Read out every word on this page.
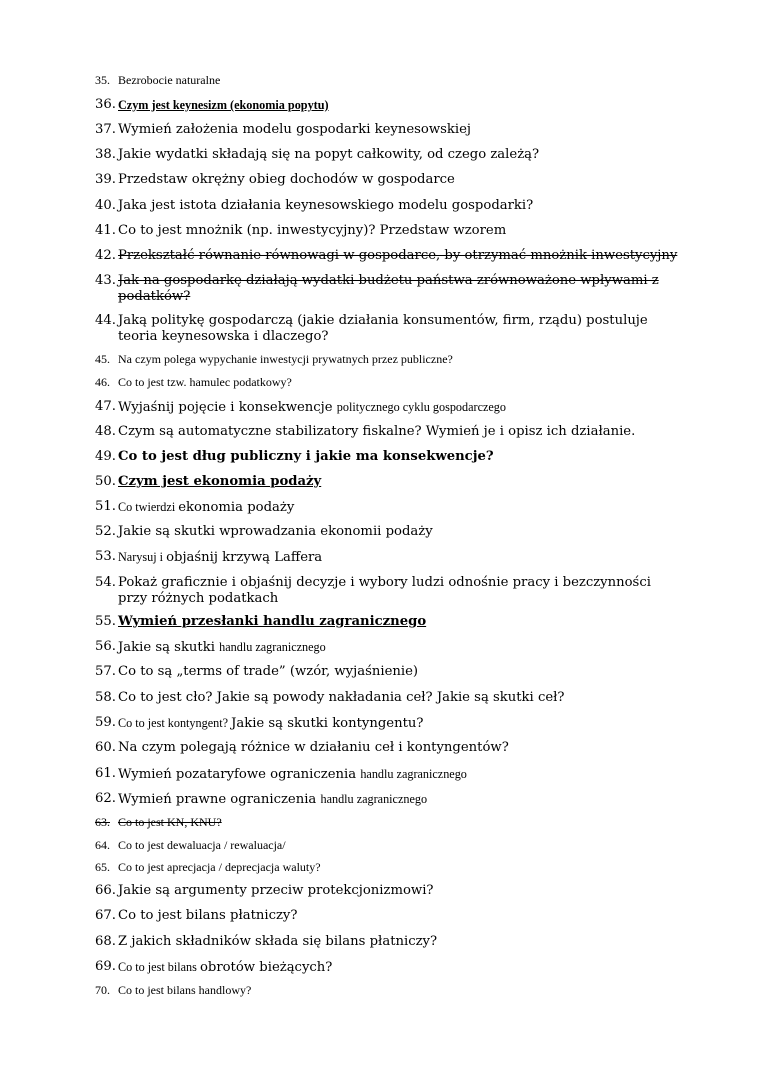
35. Bezrobocie naturalne
36. Czym jest keynesizm (ekonomia popytu)
37. Wymień założenia modelu gospodarki keynesowskiej
38. Jakie wydatki składają się na popyt całkowity, od czego zależą?
39. Przedstaw okrężny obieg dochodów w gospodarce
40. Jaka jest istota działania keynesowskiego modelu gospodarki?
41. Co to jest mnożnik (np. inwestycyjny)? Przedstaw wzorem
42. Przekształć równanie równowagi w gospodarce, by otrzymać mnożnik inwestycyjny
43. Jak na gospodarkę działają wydatki budżetu państwa zrównoważone wpływami z podatków?
44. Jaką politykę gospodarczą (jakie działania konsumentów, firm, rządu) postuluje teoria keynesowska i dlaczego?
45. Na czym polega wypychanie inwestycji prywatnych przez publiczne?
46. Co to jest tzw. hamulec podatkowy?
47. Wyjaśnij pojęcie i konsekwencje politycznego cyklu gospodarczego
48. Czym są automatyczne stabilizatory fiskalne? Wymień je i opisz ich działanie.
49. Co to jest dług publiczny i jakie ma konsekwencje?
50. Czym jest ekonomia podaży
51. Co twierdzi ekonomia podaży
52. Jakie są skutki wprowadzania ekonomii podaży
53. Narysuj i objaśnij krzywą Laffera
54. Pokaż graficznie i objaśnij decyzje i wybory ludzi odnośnie pracy i bezczynności przy różnych podatkach
55. Wymień przesłanki handlu zagranicznego
56. Jakie są skutki handlu zagranicznego
57. Co to są „terms of trade” (wzór, wyjaśnienie)
58. Co to jest cło? Jakie są powody nakładania ceł? Jakie są skutki ceł?
59. Co to jest kontyngent? Jakie są skutki kontyngentu?
60. Na czym polegają różnice w działaniu ceł i kontyngentów?
61. Wymień pozataryfowe ograniczenia handlu zagranicznego
62. Wymień prawne ograniczenia handlu zagranicznego
63. Co to jest KN, KNU?
64. Co to jest dewaluacja / rewaluacja/
65. Co to jest aprecjacja / deprecjacja waluty?
66. Jakie są argumenty przeciw protekcjonizmowi?
67. Co to jest bilans płatniczy?
68. Z jakich składników składa się bilans płatniczy?
69. Co to jest bilans obrotów bieżących?
70. Co to jest bilans handlowy?
